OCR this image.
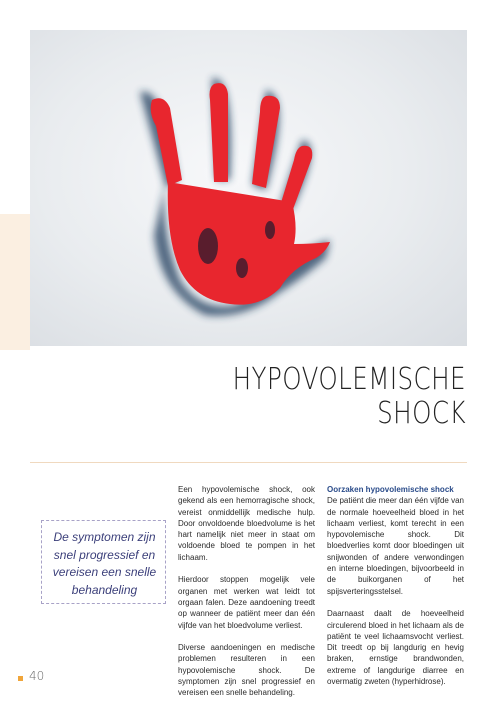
HYPOVOLEMISCHE
SHOCK
De symptomen zijn snel progressief en vereisen een snelle behandeling

Een hypovolemische shock, ook gekend als een hemorragische shock, vereist onmiddellijk medische hulp. Door onvoldoende bloedvolume is het hart namelijk niet meer in staat om voldoende bloed te pompen in het lichaam.

Hierdoor stoppen mogelijk vele organen met werken wat leidt tot orgaan falen. Deze aandoening treedt op wanneer de patiënt meer dan één vijfde van het bloedvolume verliest.

Diverse aandoeningen en medische problemen resulteren in een hypovolemische shock. De symptomen zijn snel progressief en vereisen een snelle behandeling.

Oorzaken hypovolemische shock

De patiënt die meer dan één vijfde van de normale hoeveelheid bloed in het lichaam verliest, komt terecht in een hypovolemische shock. Dit bloedverlies komt door bloedingen uit snijwonden of andere verwondingen en interne bloedingen, bijvoorbeeld in de buikorganen of het spijsverteringsstelsel.

Daarnaast daalt de hoeveelheid circulerend bloed in het lichaam als de patiënt te veel lichaamsvocht verliest. Dit treedt op bij langdurig en hevig braken, ernstige brandwonden, extreme of langdurige diarree en overmatig zweten (hyperhidrose).

40
